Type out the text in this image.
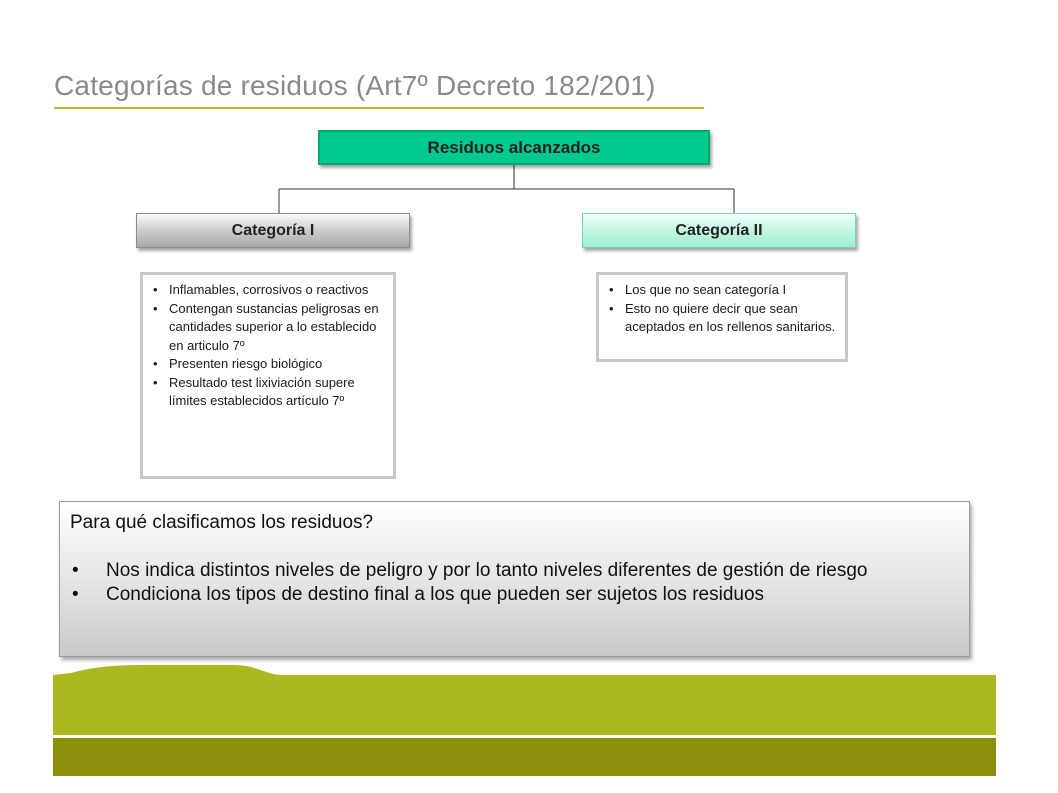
Categorías de residuos (Art7º Decreto 182/201)
Residuos alcanzados
Categoría I	Categoría II
• Inflamables, corrosivos o reactivos
• Contengan sustancias peligrosas en cantidades superior a lo establecido en articulo 7º
• Presenten riesgo biológico
• Resultado test lixiviación supere límites establecidos artículo 7º
• Los que no sean categoría I
• Esto no quiere decir que sean aceptados en los rellenos sanitarios.

Para qué clasificamos los residuos?

• Nos indica distintos niveles de peligro y por lo tanto niveles diferentes de gestión de riesgo
• Condiciona los tipos de destino final a los que pueden ser sujetos los residuos
